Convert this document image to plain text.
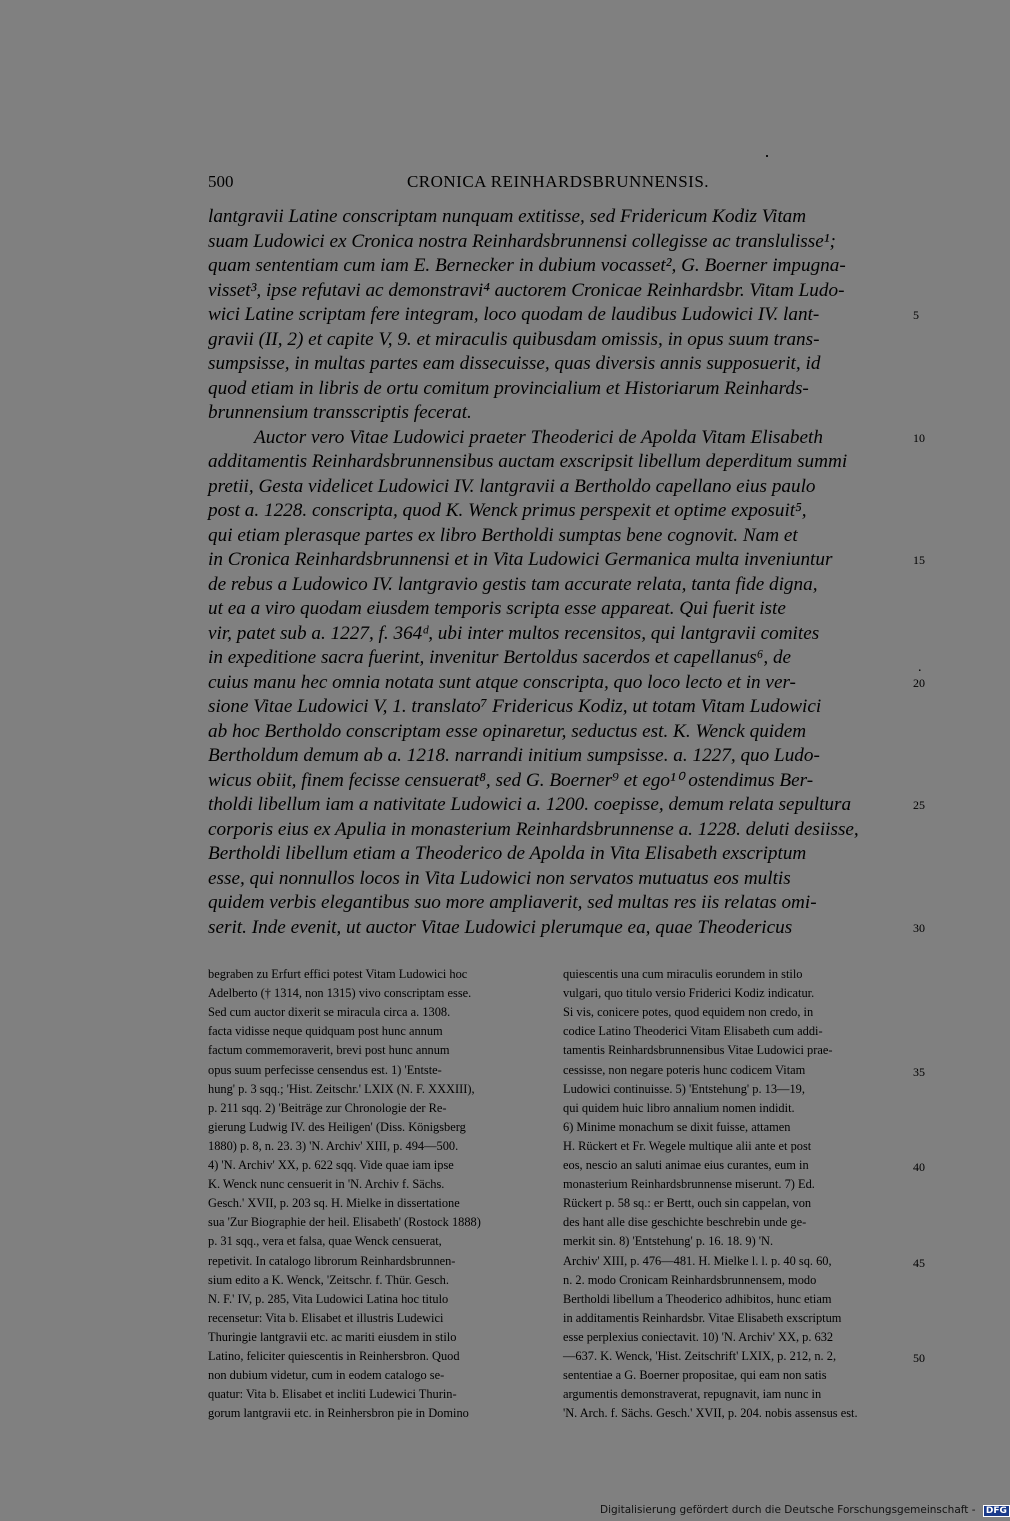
500	CRONICA REINHARDSBRUNNENSIS.
lantgravii Latine conscriptam nunquam extitisse, sed Fridericum Kodiz Vitam
suam Ludowici ex Cronica nostra Reinhardsbrunnensi collegisse ac translulisse¹;
quam sententiam cum iam E. Bernecker in dubium vocasset², G. Boerner impugna-
visset³, ipse refutavi ac demonstravi⁴ auctorem Cronicae Reinhardsbr. Vitam Ludo-
wici Latine scriptam fere integram, loco quodam de laudibus Ludowici IV. lant-
gravii (II, 2) et capite V, 9. et miraculis quibusdam omissis, in opus suum trans-
sumpsisse, in multas partes eam dissecuisse, quas diversis annis supposuerit, id
quod etiam in libris de ortu comitum provincialium et Historiarum Reinhards-
brunnensium transscriptis fecerat.
Auctor vero Vitae Ludowici praeter Theoderici de Apolda Vitam Elisabeth
additamentis Reinhardsbrunnensibus auctam exscripsit libellum deperditum summi
pretii, Gesta videlicet Ludowici IV. lantgravii a Bertholdo capellano eius paulo
post a. 1228. conscripta, quod K. Wenck primus perspexit et optime exposuit⁵,
qui etiam plerasque partes ex libro Bertholdi sumptas bene cognovit. Nam et
in Cronica Reinhardsbrunnensi et in Vita Ludowici Germanica multa inveniuntur
de rebus a Ludowico IV. lantgravio gestis tam accurate relata, tanta fide digna,
ut ea a viro quodam eiusdem temporis scripta esse appareat. Qui fuerit iste
vir, patet sub a. 1227, f. 364ᵈ, ubi inter multos recensitos, qui lantgravii comites
in expeditione sacra fuerint, invenitur Bertoldus sacerdos et capellanus⁶, de
cuius manu hec omnia notata sunt atque conscripta, quo loco lecto et in ver-
sione Vitae Ludowici V, 1. translato⁷ Fridericus Kodiz, ut totam Vitam Ludowici
ab hoc Bertholdo conscriptam esse opinaretur, seductus est. K. Wenck quidem
Bertholdum demum ab a. 1218. narrandi initium sumpsisse. a. 1227, quo Ludo-
wicus obiit, finem fecisse censuerat⁸, sed G. Boerner⁹ et ego¹⁰ ostendimus Ber-
tholdi libellum iam a nativitate Ludowici a. 1200. coepisse, demum relata sepultura
corporis eius ex Apulia in monasterium Reinhardsbrunnense a. 1228. deluti desiisse,
Bertholdi libellum etiam a Theoderico de Apolda in Vita Elisabeth exscriptum
esse, qui nonnullos locos in Vita Ludowici non servatos mutuatus eos multis
quidem verbis elegantibus suo more ampliaverit, sed multas res iis relatas omi-
serit. Inde evenit, ut auctor Vitae Ludowici plerumque ea, quae Theodericus
5
10
15
20
25
30
.
begraben zu Erfurt effici potest Vitam Ludowici hoc
Adelberto († 1314, non 1315) vivo conscriptam esse.
Sed cum auctor dixerit se miracula circa a. 1308.
facta vidisse neque quidquam post hunc annum
factum commemoraverit, brevi post hunc annum
opus suum perfecisse censendus est. 1) 'Entste-
hung' p. 3 sqq.; 'Hist. Zeitschr.' LXIX (N. F. XXXIII),
p. 211 sqq. 2) 'Beiträge zur Chronologie der Re-
gierung Ludwig IV. des Heiligen' (Diss. Königsberg
1880) p. 8, n. 23. 3) 'N. Archiv' XIII, p. 494—500.
4) 'N. Archiv' XX, p. 622 sqq. Vide quae iam ipse
K. Wenck nunc censuerit in 'N. Archiv f. Sächs.
Gesch.' XVII, p. 203 sq. H. Mielke in dissertatione
sua 'Zur Biographie der heil. Elisabeth' (Rostock 1888)
p. 31 sqq., vera et falsa, quae Wenck censuerat,
repetivit. In catalogo librorum Reinhardsbrunnen-
sium edito a K. Wenck, 'Zeitschr. f. Thür. Gesch.
N. F.' IV, p. 285, Vita Ludowici Latina hoc titulo
recensetur: Vita b. Elisabet et illustris Ludewici
Thuringie lantgravii etc. ac mariti eiusdem in stilo
Latino, feliciter quiescentis in Reinhersbron. Quod
non dubium videtur, cum in eodem catalogo se-
quatur: Vita b. Elisabet et incliti Ludewici Thurin-
gorum lantgravii etc. in Reinhersbron pie in Domino
quiescentis una cum miraculis eorundem in stilo
vulgari, quo titulo versio Friderici Kodiz indicatur.
Si vis, conicere potes, quod equidem non credo, in
codice Latino Theoderici Vitam Elisabeth cum addi-
tamentis Reinhardsbrunnensibus Vitae Ludowici prae-
cessisse, non negare poteris hunc codicem Vitam
Ludowici continuisse. 5) 'Entstehung' p. 13—19,
qui quidem huic libro annalium nomen indidit.
6) Minime monachum se dixit fuisse, attamen
H. Rückert et Fr. Wegele multique alii ante et post
eos, nescio an saluti animae eius curantes, eum in
monasterium Reinhardsbrunnense miserunt. 7) Ed.
Rückert p. 58 sq.: er Bertt, ouch sin cappelan, von
des hant alle dise geschichte beschrebin unde ge-
merkit sin. 8) 'Entstehung' p. 16. 18. 9) 'N.
Archiv' XIII, p. 476—481. H. Mielke l. l. p. 40 sq. 60,
n. 2. modo Cronicam Reinhardsbrunnensem, modo
Bertholdi libellum a Theoderico adhibitos, hunc etiam
in additamentis Reinhardsbr. Vitae Elisabeth exscriptum
esse perplexius coniectavit. 10) 'N. Archiv' XX, p. 632
—637. K. Wenck, 'Hist. Zeitschrift' LXIX, p. 212, n. 2,
sententiae a G. Boerner propositae, qui eam non satis
argumentis demonstraverat, repugnavit, iam nunc in
'N. Arch. f. Sächs. Gesch.' XVII, p. 204. nobis assensus est.
35
40
45
50
Digitalisierung gefördert durch die Deutsche Forschungsgemeinschaft - DFG
